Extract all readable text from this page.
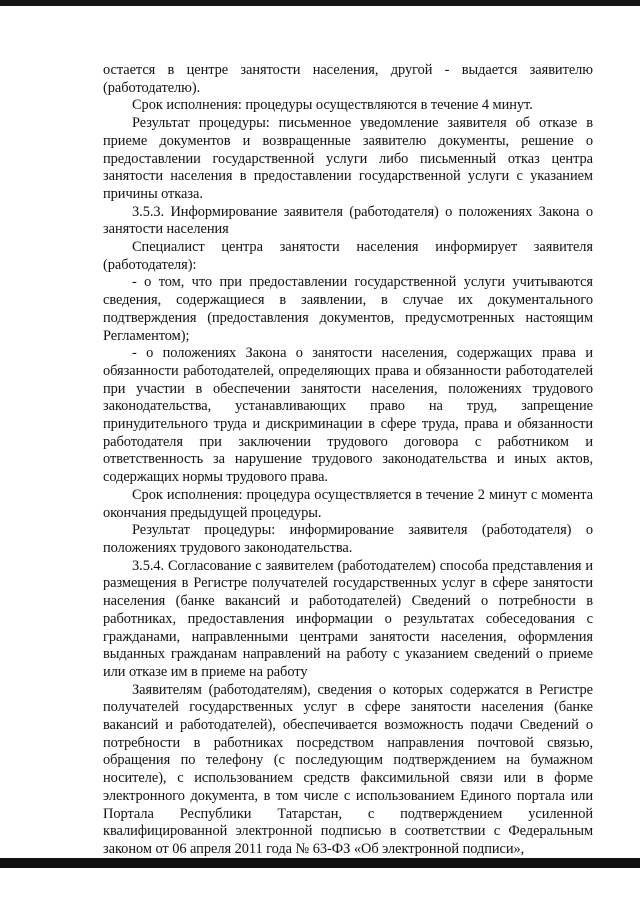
остается в центре занятости населения, другой - выдается заявителю (работодателю).

Срок исполнения: процедуры осуществляются в течение 4 минут.

Результат процедуры: письменное уведомление заявителя об отказе в приеме документов и возвращенные заявителю документы, решение о предоставлении государственной услуги либо письменный отказ центра занятости населения в предоставлении государственной услуги с указанием причины отказа.

3.5.3. Информирование заявителя (работодателя) о положениях Закона о занятости населения

Специалист центра занятости населения информирует заявителя (работодателя):

- о том, что при предоставлении государственной услуги учитываются сведения, содержащиеся в заявлении, в случае их документального подтверждения (предоставления документов, предусмотренных настоящим Регламентом);

- о положениях Закона о занятости населения, содержащих права и обязанности работодателей, определяющих права и обязанности работодателей при участии в обеспечении занятости населения, положениях трудового законодательства, устанавливающих право на труд, запрещение принудительного труда и дискриминации в сфере труда, права и обязанности работодателя при заключении трудового договора с работником и ответственность за нарушение трудового законодательства и иных актов, содержащих нормы трудового права.

Срок исполнения: процедура осуществляется в течение 2 минут с момента окончания предыдущей процедуры.

Результат процедуры: информирование заявителя (работодателя) о положениях трудового законодательства.

3.5.4. Согласование с заявителем (работодателем) способа представления и размещения в Регистре получателей государственных услуг в сфере занятости населения (банке вакансий и работодателей) Сведений о потребности в работниках, предоставления информации о результатах собеседования с гражданами, направленными центрами занятости населения, оформления выданных гражданам направлений на работу с указанием сведений о приеме или отказе им в приеме на работу

Заявителям (работодателям), сведения о которых содержатся в Регистре получателей государственных услуг в сфере занятости населения (банке вакансий и работодателей), обеспечивается возможность подачи Сведений о потребности в работниках посредством направления почтовой связью, обращения по телефону (с последующим подтверждением на бумажном носителе), с использованием средств факсимильной связи или в форме электронного документа, в том числе с использованием Единого портала или Портала Республики Татарстан, с подтверждением усиленной квалифицированной электронной подписью в соответствии с Федеральным законом от 06 апреля 2011 года № 63-ФЗ «Об электронной подписи»,
